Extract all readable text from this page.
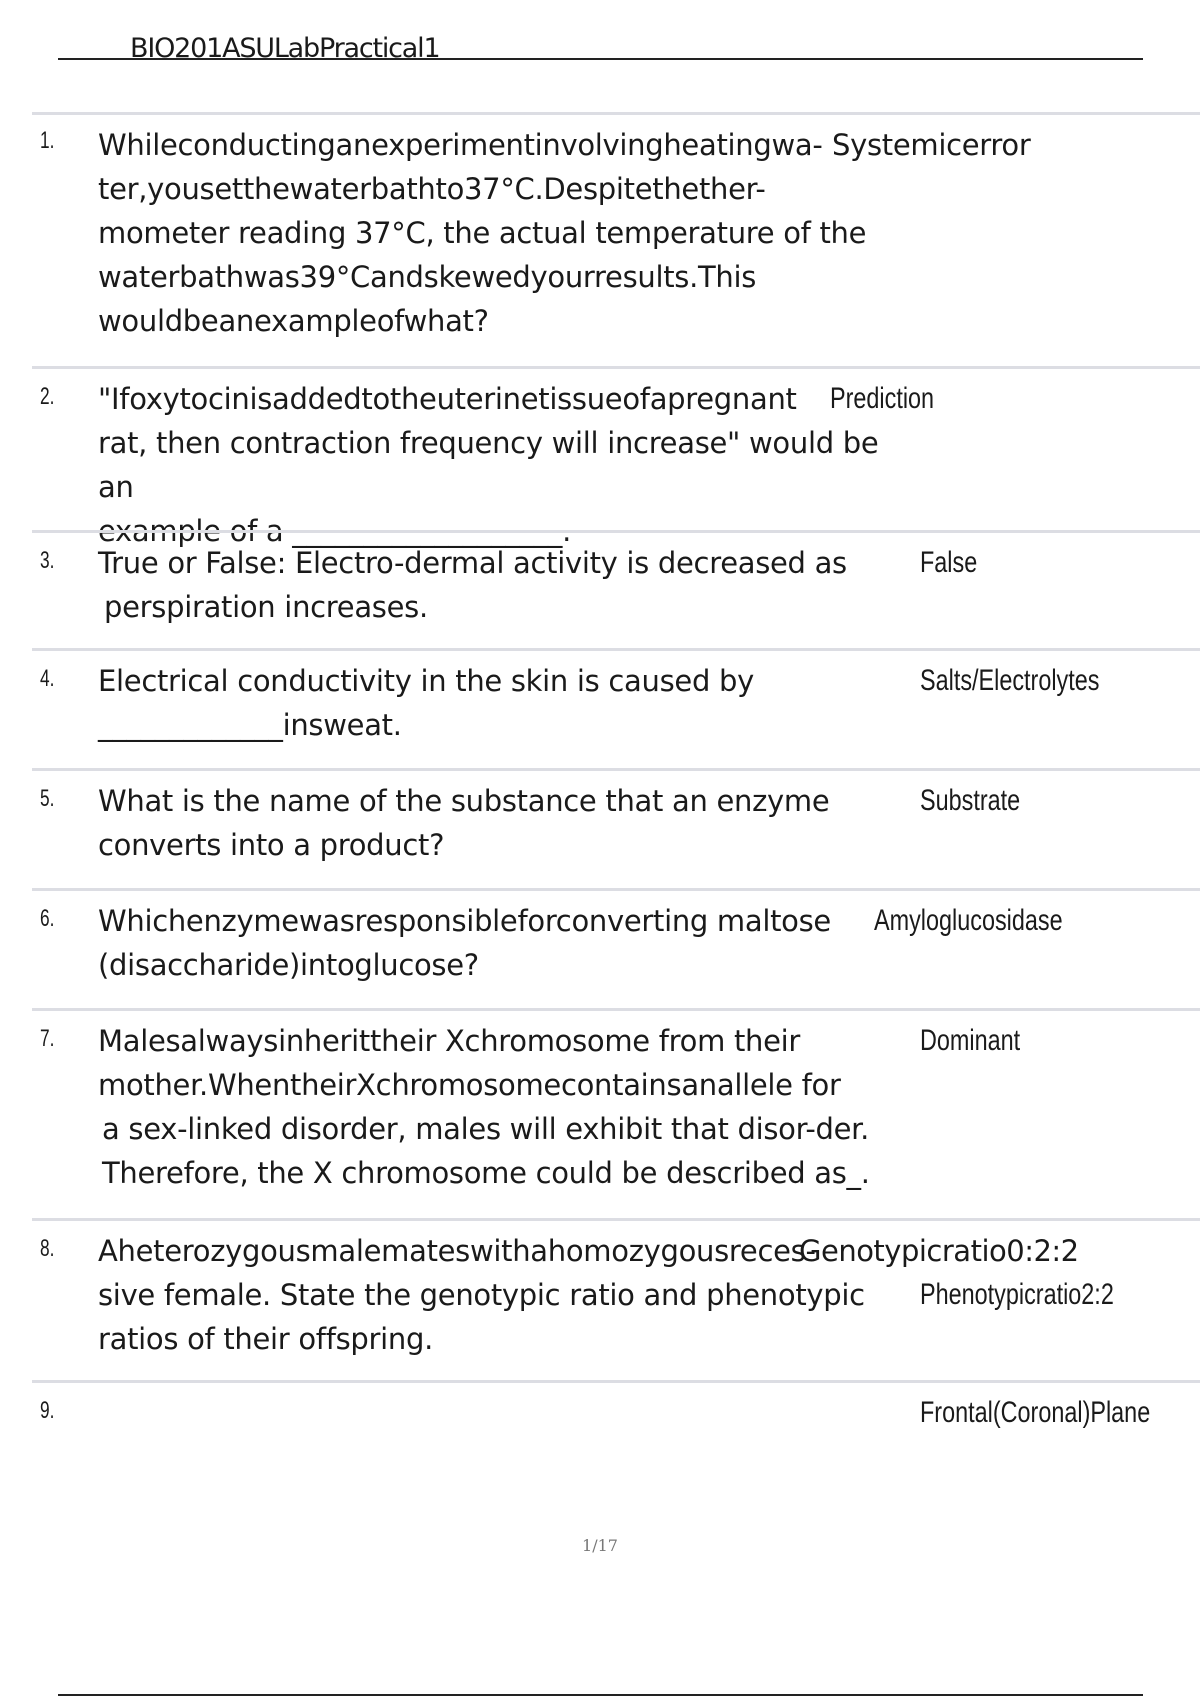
BIO201ASULabPractical1
1. Whileconductinganexperimentinvolvingheatingwa-
ter,yousetthewaterbathto37°C.Despitethether-
mometer reading 37°C, the actual temperature of the
waterbathwas39°Candskewedyourresults.This
wouldbeanexampleofwhat?
Systemicerror
2. "Ifoxytocinisaddedtotheuterinetissueofapregnant
rat, then contraction frequency will increase" would be an
example of a ___________________.
Prediction
3. True or False: Electro-dermal activity is decreased as
perspiration increases.
False
4. Electrical conductivity in the skin is caused by
_____________insweat.
Salts/Electrolytes
5. What is the name of the substance that an enzyme
converts into a product?
Substrate
6. Whichenzymewasresponsibleforconverting maltose
(disaccharide)intoglucose?
Amyloglucosidase
7. Malesalwaysinherittheir Xchromosome from their
mother.WhentheirXchromosomecontainsanallele for
a sex-linked disorder, males will exhibit that disor-der.
Therefore, the X chromosome could be described as_.
Dominant
8. Aheterozygousmalemateswithahomozygousreces-
sive female. State the genotypic ratio and phenotypic
ratios of their offspring.
Genotypicratio0:2:2
Phenotypicratio2:2
9.	Frontal(Coronal)Plane
1/17
